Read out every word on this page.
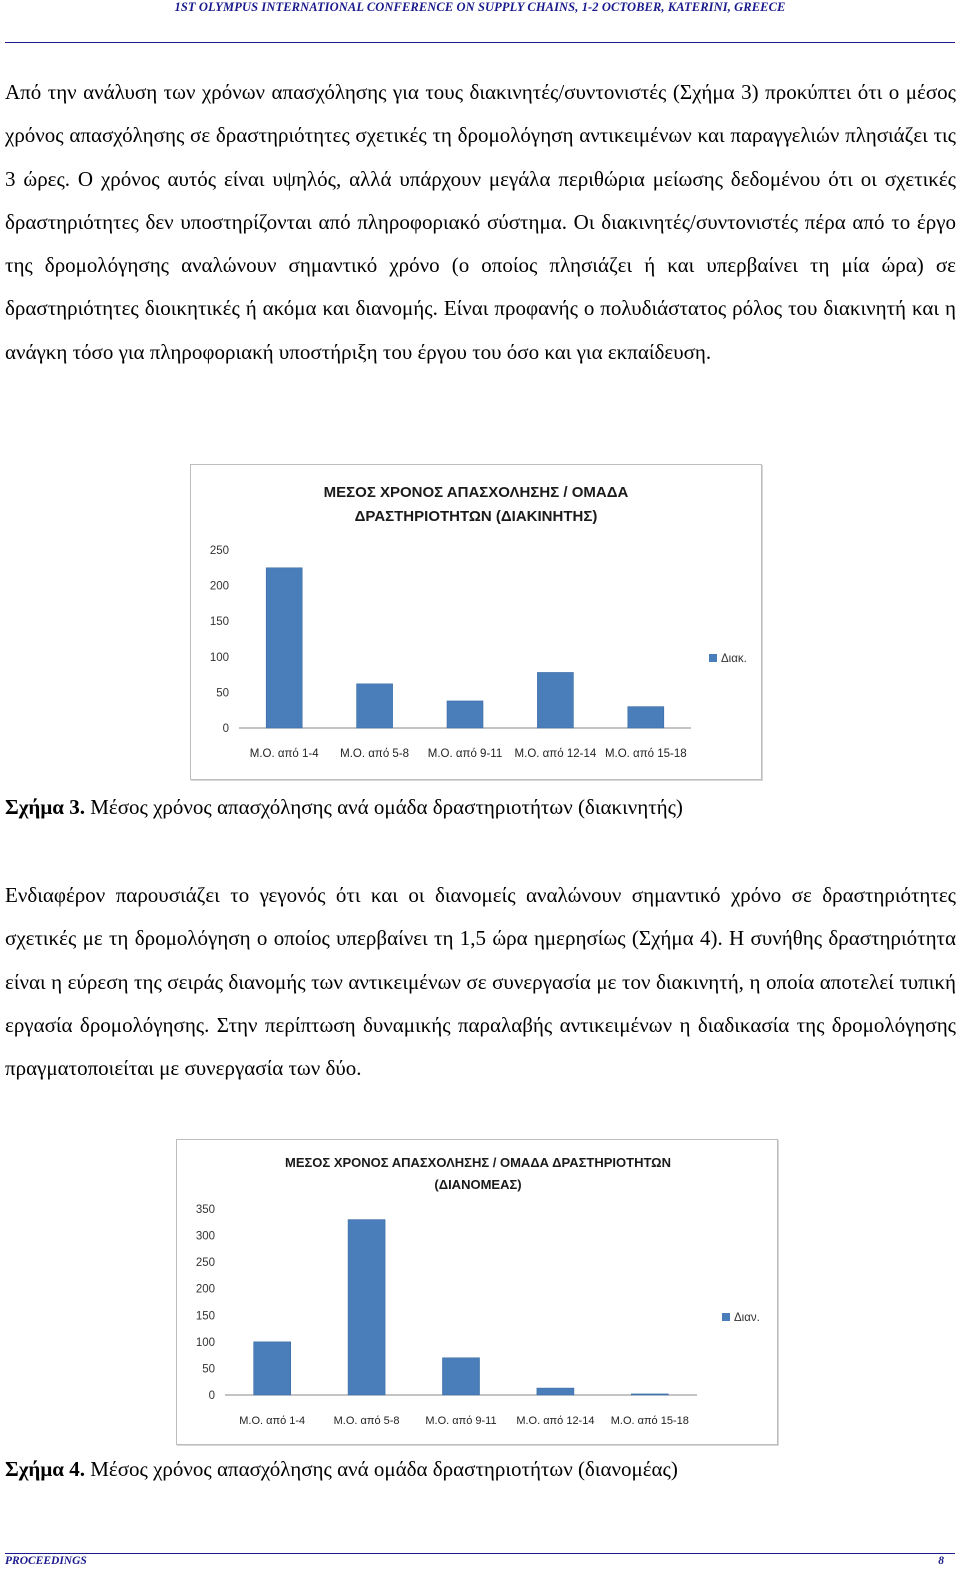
1ST OLYMPUS INTERNATIONAL CONFERENCE ON SUPPLY CHAINS, 1-2 OCTOBER, KATERINI, GREECE

Από την ανάλυση των χρόνων απασχόλησης για τους διακινητές/συντονιστές (Σχήμα 3) προκύπτει ότι ο μέσος χρόνος απασχόλησης σε δραστηριότητες σχετικές τη δρομολόγηση αντικειμένων και παραγγελιών πλησιάζει τις 3 ώρες. Ο χρόνος αυτός είναι υψηλός, αλλά υπάρχουν μεγάλα περιθώρια μείωσης δεδομένου ότι οι σχετικές δραστηριότητες δεν υποστηρίζονται από πληροφοριακό σύστημα. Οι διακινητές/συντονιστές πέρα από το έργο της δρομολόγησης αναλώνουν σημαντικό χρόνο (ο οποίος πλησιάζει ή και υπερβαίνει τη μία ώρα) σε δραστηριότητες διοικητικές ή ακόμα και διανομής. Είναι προφανής ο πολυδιάστατος ρόλος του διακινητή και η ανάγκη τόσο για πληροφοριακή υποστήριξη του έργου του όσο και για εκπαίδευση.

ΜΕΣΟΣ ΧΡΟΝΟΣ ΑΠΑΣΧΟΛΗΣΗΣ / ΟΜΑΔΑ
ΔΡΑΣΤΗΡΙΟΤΗΤΩΝ (ΔΙΑΚΙΝΗΤΗΣ)
0
50
100
150
200
250
Μ.Ο. από 1-4 Μ.Ο. από 5-8 Μ.Ο. από 9-11 Μ.Ο. από 12-14 Μ.Ο. από 15-18
Διακ.

Σχήμα 3. Μέσος χρόνος απασχόλησης ανά ομάδα δραστηριοτήτων (διακινητής)

Ενδιαφέρον παρουσιάζει το γεγονός ότι και οι διανομείς αναλώνουν σημαντικό χρόνο σε δραστηριότητες σχετικές με τη δρομολόγηση ο οποίος υπερβαίνει τη 1,5 ώρα ημερησίως (Σχήμα 4). Η συνήθης δραστηριότητα είναι η εύρεση της σειράς διανομής των αντικειμένων σε συνεργασία με τον διακινητή, η οποία αποτελεί τυπική εργασία δρομολόγησης. Στην περίπτωση δυναμικής παραλαβής αντικειμένων η διαδικασία της δρομολόγησης πραγματοποιείται με συνεργασία των δύο.

ΜΕΣΟΣ ΧΡΟΝΟΣ ΑΠΑΣΧΟΛΗΣΗΣ / ΟΜΑΔΑ ΔΡΑΣΤΗΡΙΟΤΗΤΩΝ
(ΔΙΑΝΟΜΕΑΣ)
0
50
100
150
200
250
300
350
Μ.Ο. από 1-4	Μ.Ο. από 5-8 Μ.Ο. από 9-11 Μ.Ο. από 12-14 Μ.Ο. από 15-18
Διαν.

Σχήμα 4. Μέσος χρόνος απασχόλησης ανά ομάδα δραστηριοτήτων (διανομέας)

PROCEEDINGS	8
